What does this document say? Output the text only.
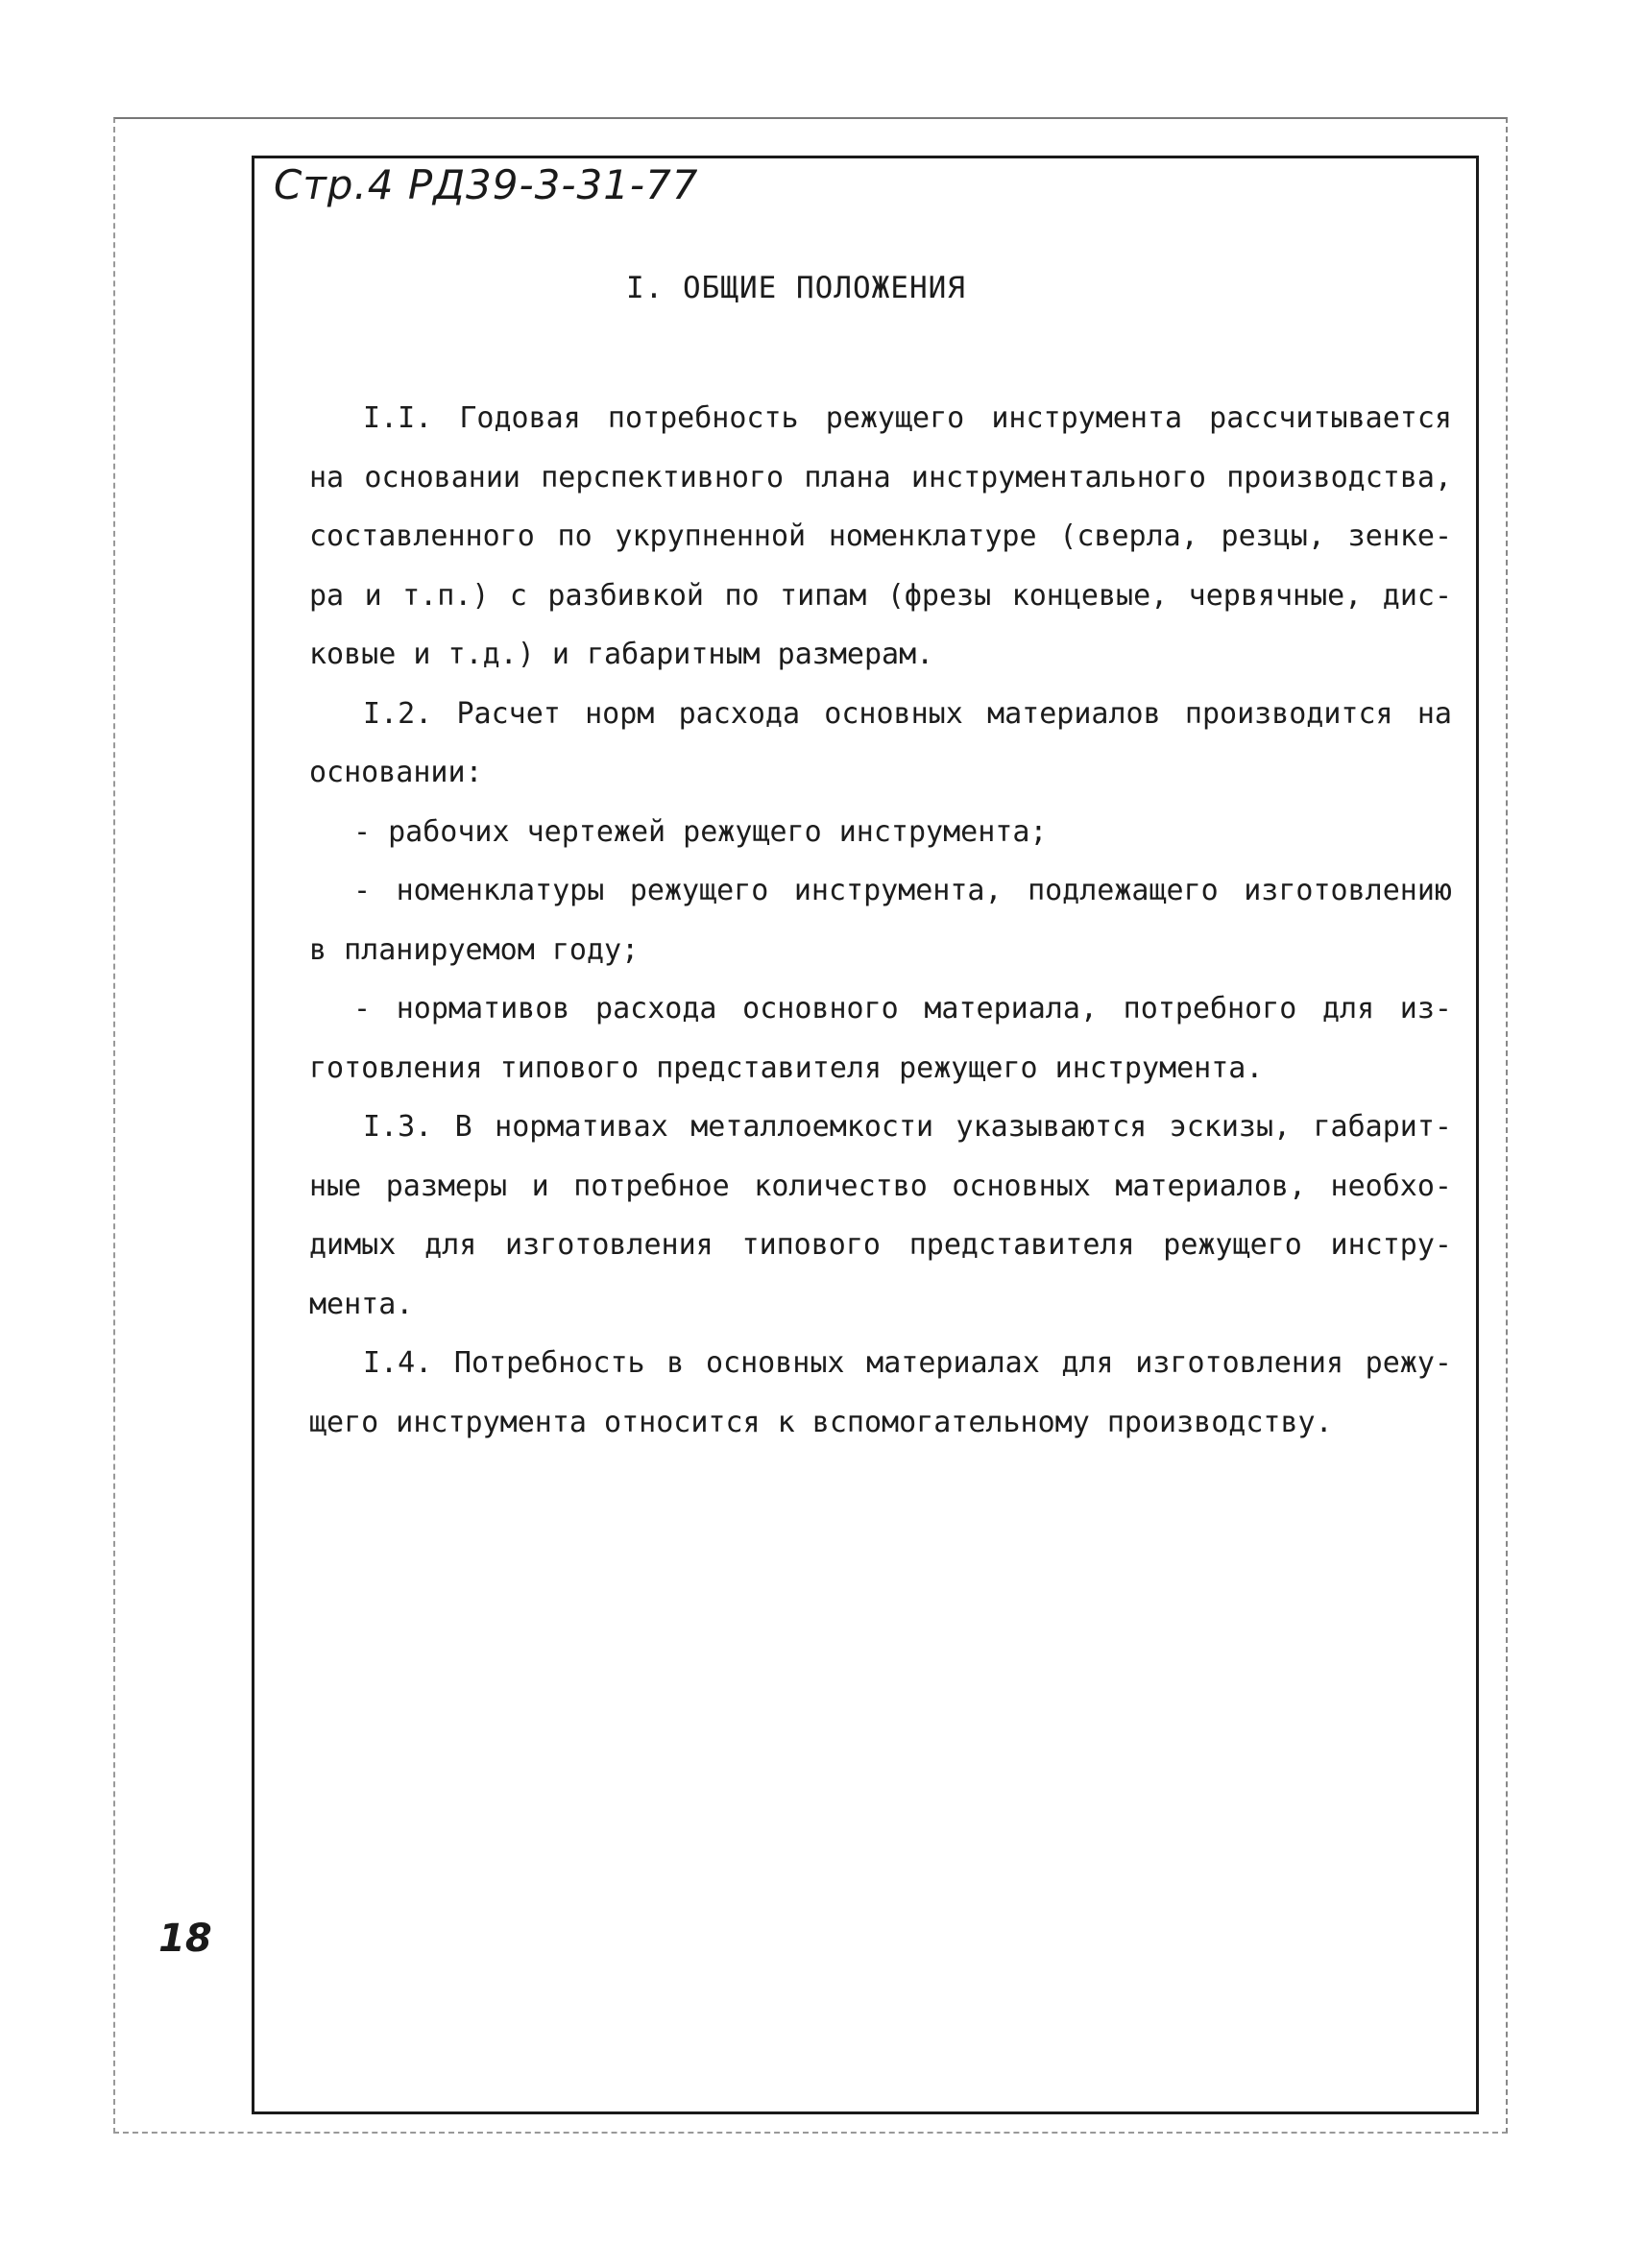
Стр.4 РД39-3-31-77
I. ОБЩИЕ ПОЛОЖЕНИЯ
I.I. Годовая потребность режущего инструмента рассчитывается
на основании перспективного плана инструментального производства,
составленного по укрупненной номенклатуре (сверла, резцы, зенке-
ра и т.п.) с разбивкой по типам (фрезы концевые, червячные, дис-
ковые и т.д.) и габаритным размерам.
I.2. Расчет норм расхода основных материалов производится на
основании:
- рабочих чертежей режущего инструмента;
- номенклатуры режущего инструмента, подлежащего изготовлению
в планируемом году;
- нормативов расхода основного материала, потребного для из-
готовления типового представителя режущего инструмента.
I.3. В нормативах металлоемкости указываются эскизы, габарит-
ные размеры и потребное количество основных материалов, необхо-
димых для изготовления типового представителя режущего инстру-
мента.
I.4. Потребность в основных материалах для изготовления режу-
щего инструмента относится к вспомогательному производству.
18
